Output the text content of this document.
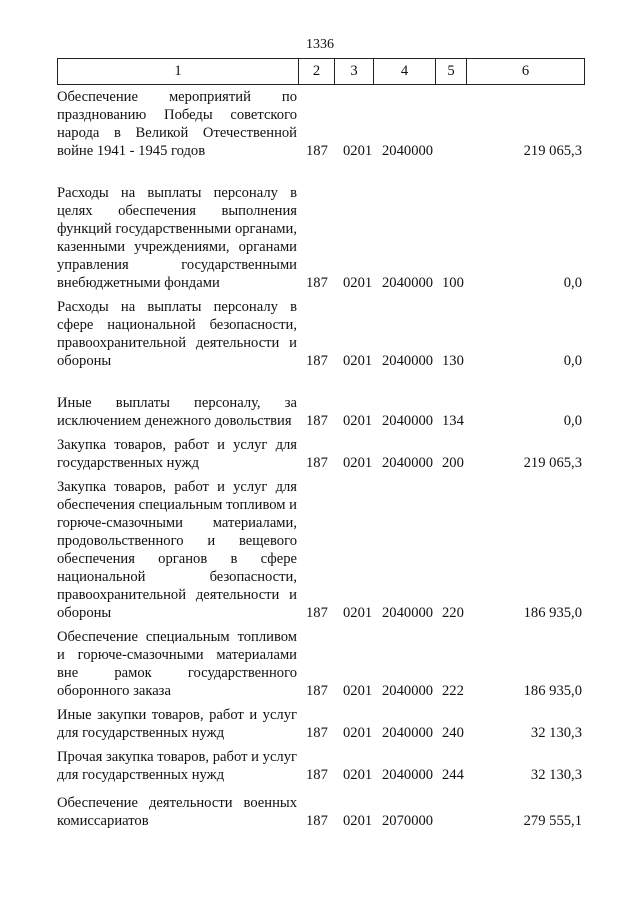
1336
1	2	3	4	5	6
Обеспечение мероприятий по празднованию Победы советского народа в Великой Отечественной войне 1941 - 1945 годов	187 0201 2040000	219 065,3
Расходы на выплаты персоналу в целях обеспечения выполнения функций государственными органами, казенными учреждениями, органами управления государственными внебюджетными фондами	187 0201 2040000 100	0,0
Расходы на выплаты персоналу в сфере национальной безопасности, правоохранительной деятельности и обороны	187 0201 2040000 130	0,0
Иные выплаты персоналу, за исключением денежного довольствия 187 0201 2040000 134	0,0
Закупка товаров, работ и услуг для государственных нужд	187 0201 2040000 200	219 065,3
Закупка товаров, работ и услуг для обеспечения специальным топливом и горюче-смазочными материалами, продовольственного и вещевого обеспечения органов в сфере национальной безопасности, правоохранительной деятельности и обороны	187 0201 2040000 220	186 935,0
Обеспечение специальным топливом и горюче-смазочными материалами вне рамок государственного оборонного заказа	187 0201 2040000 222	186 935,0
Иные закупки товаров, работ и услуг для государственных нужд	187 0201 2040000 240	32 130,3
Прочая закупка товаров, работ и услуг для государственных нужд	187 0201 2040000 244	32 130,3
Обеспечение деятельности военных комиссариатов	187 0201 2070000	279 555,1
